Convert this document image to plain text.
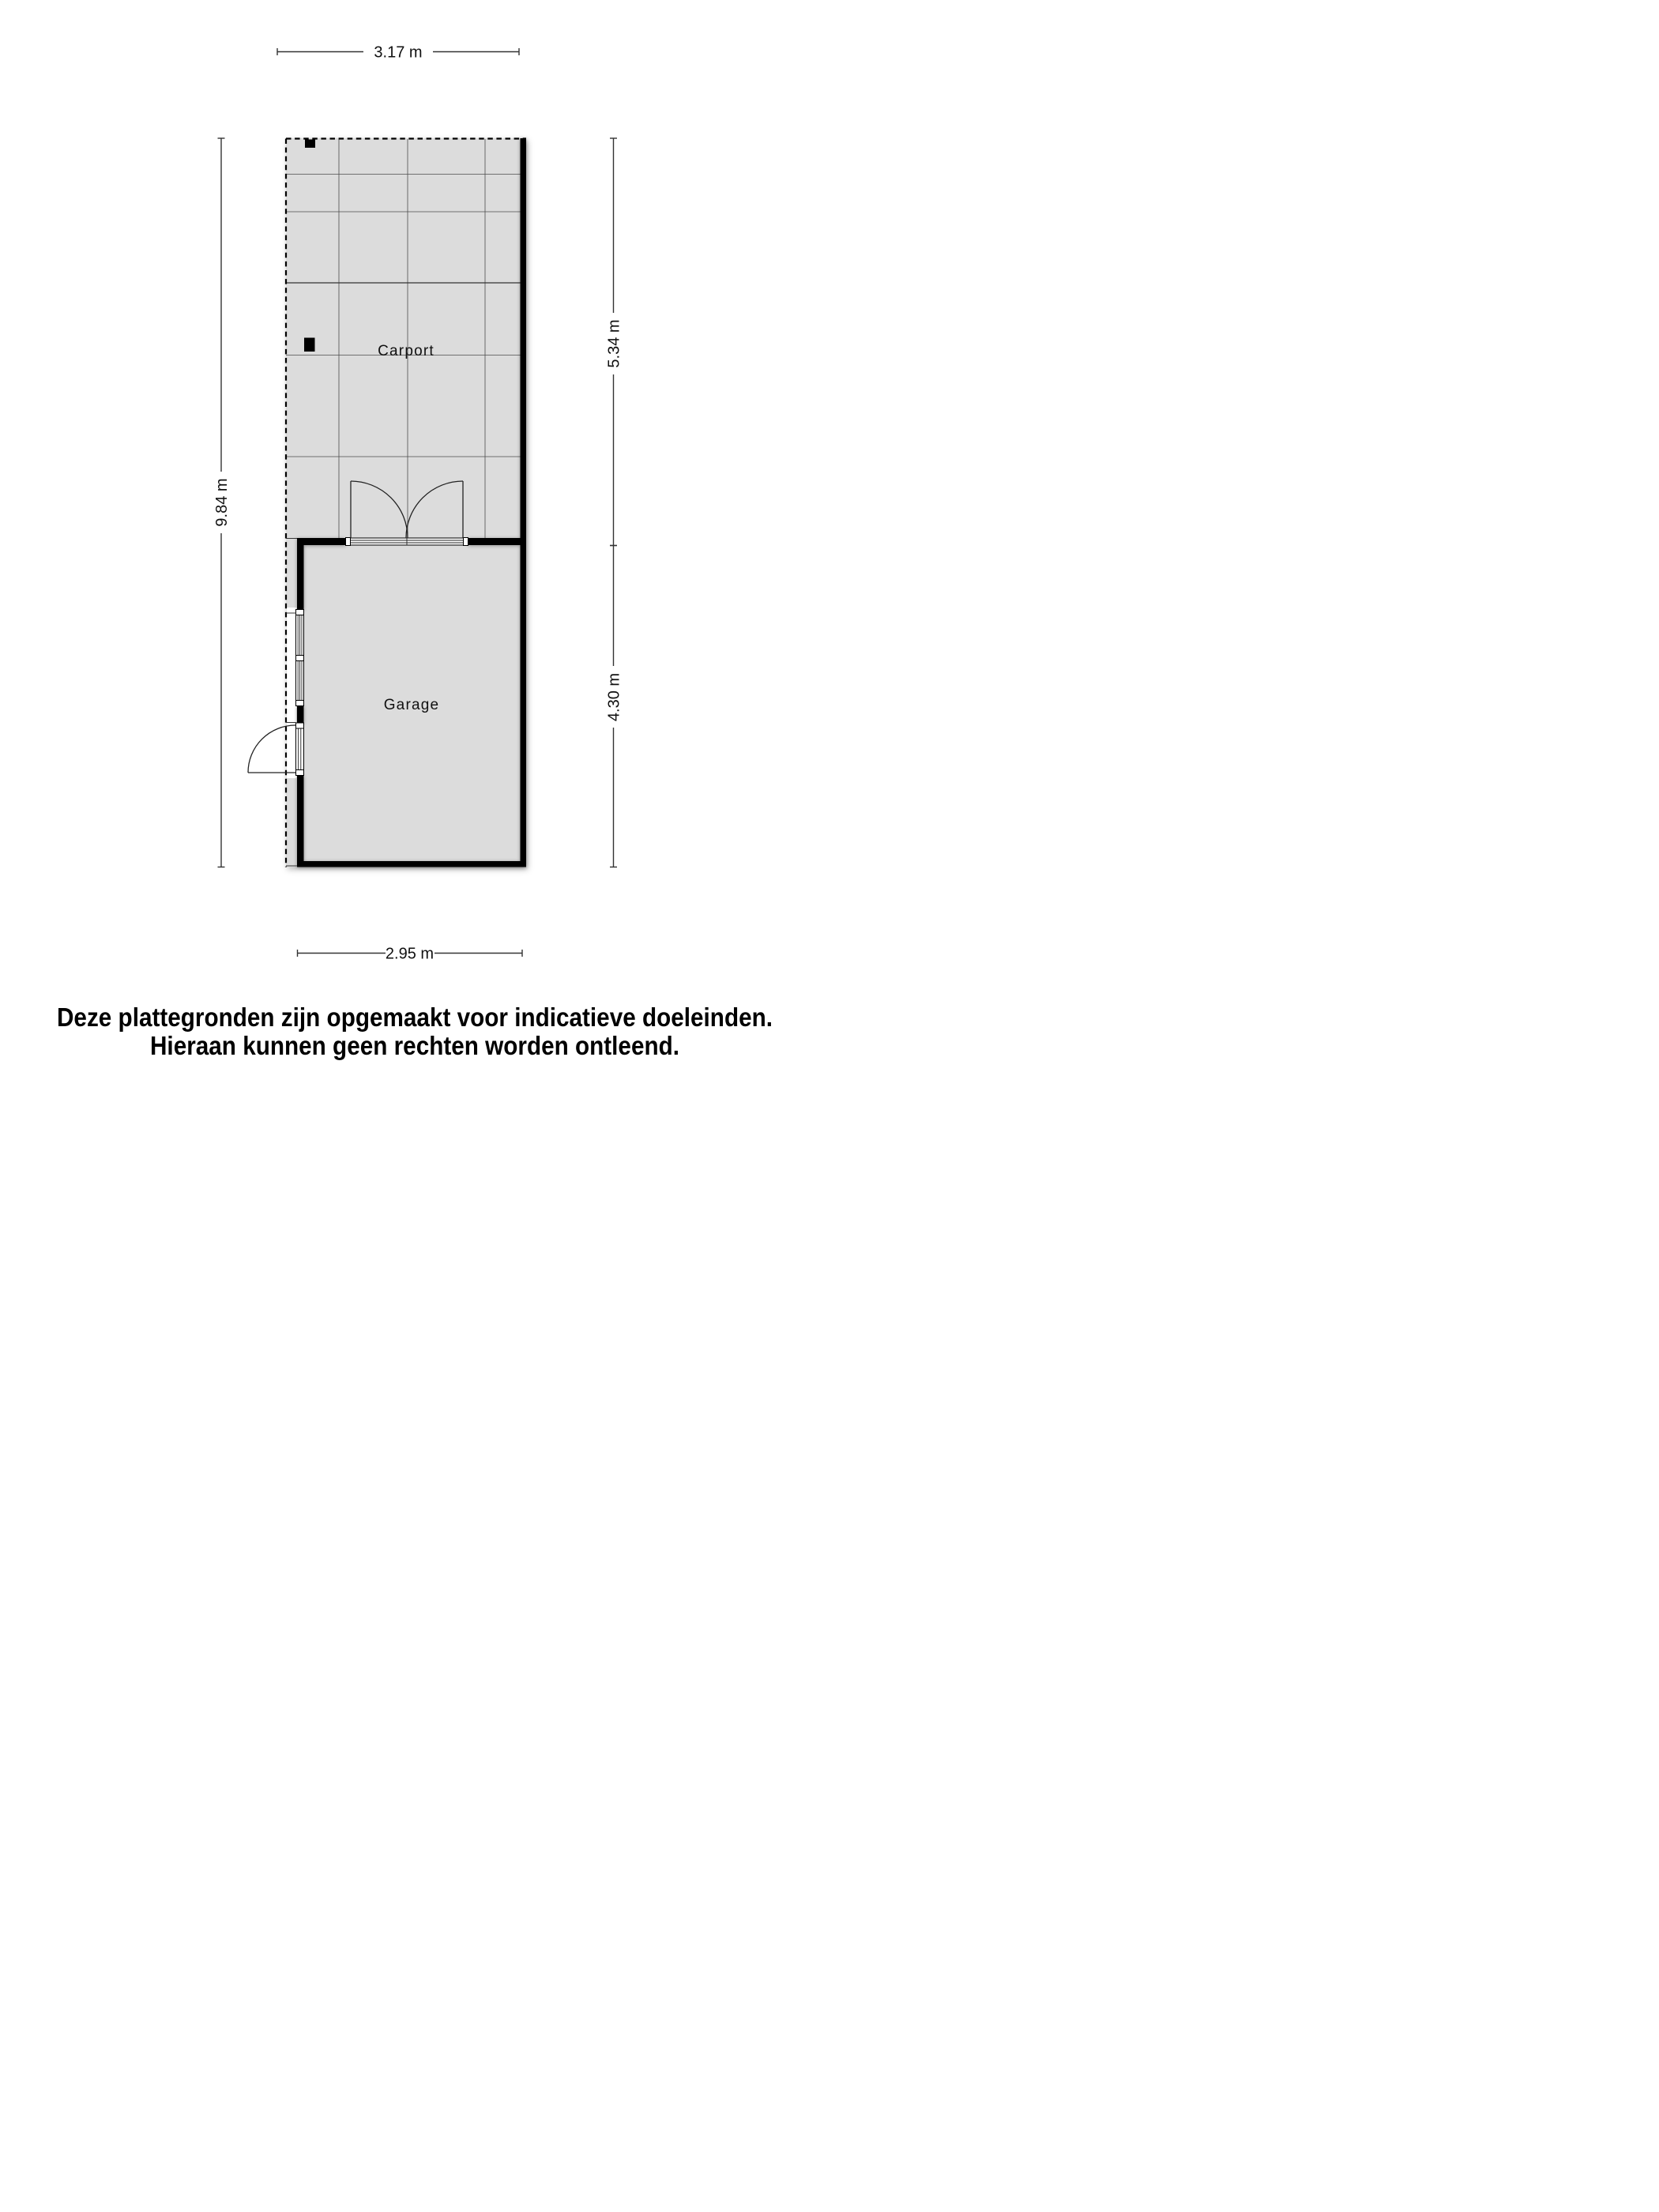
3.17 m
9.84 m
5.34 m
4.30 m
2.95 m
Carport
Garage
Deze plattegronden zijn opgemaakt voor indicatieve doeleinden.
Hieraan kunnen geen rechten worden ontleend.
